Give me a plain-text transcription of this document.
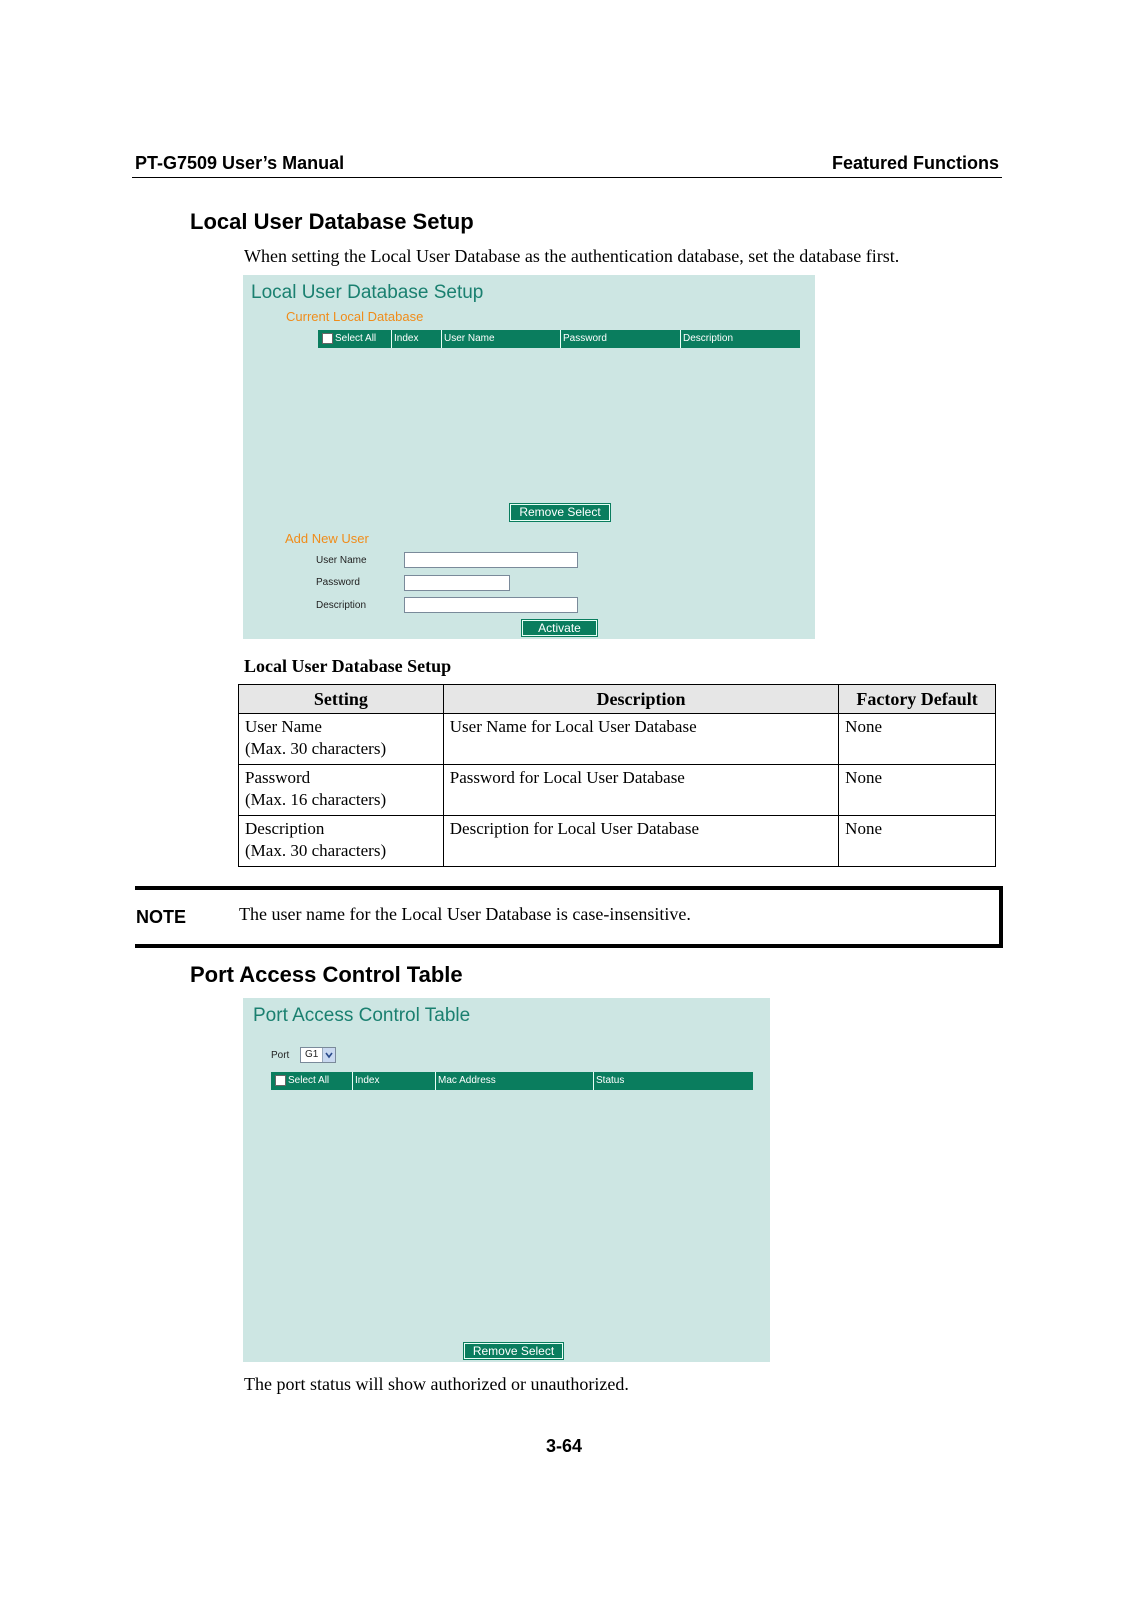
PT-G7509 User’s Manual	Featured Functions
Local User Database Setup
When setting the Local User Database as the authentication database, set the database first.
Local User Database Setup
Current Local Database
Select All	Index	User Name	Password	Description
Remove Select
Add New User
User Name
Password
Description
Activate
Local User Database Setup
Setting	Description	Factory Default

User Name
(Max. 30 characters)	User Name for Local User Database	None

Password
(Max. 16 characters)	Password for Local User Database	None

Description
(Max. 30 characters)	Description for Local User Database	None
NOTE	The user name for the Local User Database is case-insensitive.
Port Access Control Table
Port Access Control Table
Port G1
Select All	Index	Mac Address	Status
Remove Select
The port status will show authorized or unauthorized.
3-64
